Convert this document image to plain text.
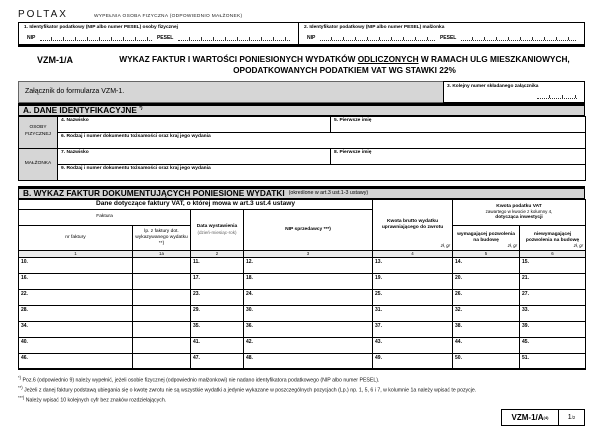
POLTAX	WYPEŁNIA OSOBA FIZYCZNA (ODPOWIEDNIO MAŁŻONEK)
1. Identyfikator podatkowy (NIP albo numer PESEL) osoby fizycznej
NIP	PESEL
2. Identyfikator podatkowy (NIP albo numer PESEL) małżonka
NIP	PESEL
VZM-1/A	WYKAZ FAKTUR I WARTOŚCI PONIESIONYCH WYDATKÓW ODLICZONYCH W RAMACH ULG MIESZKANIOWYCH,
OPODATKOWANYCH PODATKIEM VAT WG STAWKI 22%
Załącznik do formularza VZM-1.
3. Kolejny numer składanego załącznika
A. DANE IDENTYFIKACYJNE *)
OSOBY FIZYCZNEJ	4. Nazwisko	5. Pierwsze imię

	6. Rodzaj i numer dokumentu tożsamości oraz kraj jego wydania	

MAŁŻONKA	7. Nazwisko	8. Pierwsze imię

	9. Rodzaj i numer dokumentu tożsamości oraz kraj jego wydania	
B. WYKAZ FAKTUR DOKUMENTUJĄCYCH PONIESIONE WYDATKI (określone w art.3 ust.1-3 ustawy)
Dane dotyczące faktury VAT, o której mowa w art.3 ust.4 ustawy				Kwota brutto wydatku uprawniającego do zwrotu
zł, gr	Kwota podatku VAT
zawartego w kwocie z kolumny 4,
dotycząca inwestycji	

Faktura		Data wystawienia
(dzień-miesiąc-rok)	NIP sprzedawcy ***)			
nr faktury	lp. z faktury dot. wykazywanego wydatku **)				wymagającej pozwolenia na budowę
zł, gr	niewymagającej pozwolenia na budowę
zł, gr

1	1a	2	3	4	5	6

10.		11.	12.	13.	14.	15.

16.		17.	18.	19.	20.	21.

22.		23.	24.	25.	26.	27.

28.		29.	30.	31.	32.	33.

34.		35.	36.	37.	38.	39.

40.		41.	42.	43.	44.	45.

46.		47.	48.	49.	50.	51.
*) Poz.6 (odpowiednio 9) należy wypełnić, jeżeli osobie fizycznej (odpowiednio małżonkowi) nie nadano identyfikatora podatkowego (NIP albo numer PESEL).
**) Jeżeli z danej faktury podstawą ubiegania się o kwotę zwrotu nie są wszystkie wydatki a jedynie wykazane w poszczególnych pozycjach (Lp.) np. 1, 5, 6 i 7, w kolumnie 1a należy wpisać te pozycje.
***) Należy wpisać 10 kolejnych cyfr bez znaków rozdzielających.
VZM-1/A (4)	1 /2
